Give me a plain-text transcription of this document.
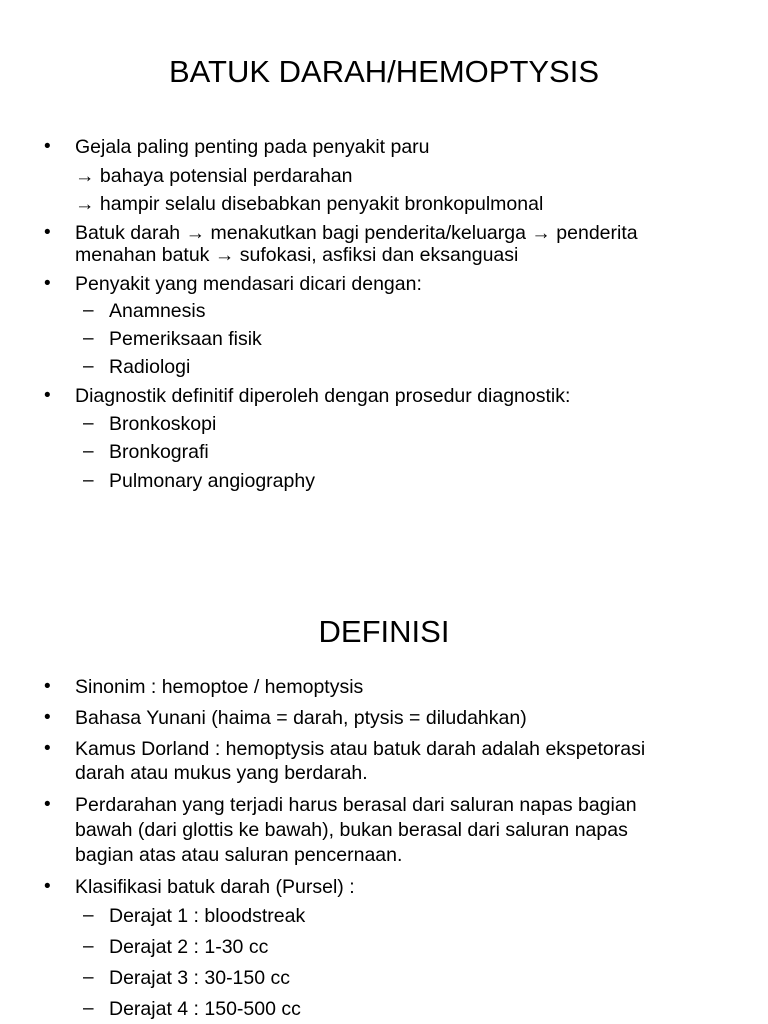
BATUK DARAH/HEMOPTYSIS
• Gejala paling penting pada penyakit paru
→ bahaya potensial perdarahan
→ hampir selalu disebabkan penyakit bronkopulmonal
• Batuk darah → menakutkan bagi penderita/keluarga → penderita
menahan batuk → sufokasi, asfiksi dan eksanguasi
• Penyakit yang mendasari dicari dengan:
– Anamnesis
– Pemeriksaan fisik
– Radiologi
• Diagnostik definitif diperoleh dengan prosedur diagnostik:
– Bronkoskopi
– Bronkografi
– Pulmonary angiography
DEFINISI
• Sinonim : hemoptoe / hemoptysis
• Bahasa Yunani (haima = darah, ptysis = diludahkan)
• Kamus Dorland : hemoptysis atau batuk darah adalah ekspetorasi
darah atau mukus yang berdarah.
• Perdarahan yang terjadi harus berasal dari saluran napas bagian
bawah (dari glottis ke bawah), bukan berasal dari saluran napas
bagian atas atau saluran pencernaan.
• Klasifikasi batuk darah (Pursel) :
– Derajat 1 : bloodstreak
– Derajat 2 : 1-30 cc
– Derajat 3 : 30-150 cc
– Derajat 4 : 150-500 cc
